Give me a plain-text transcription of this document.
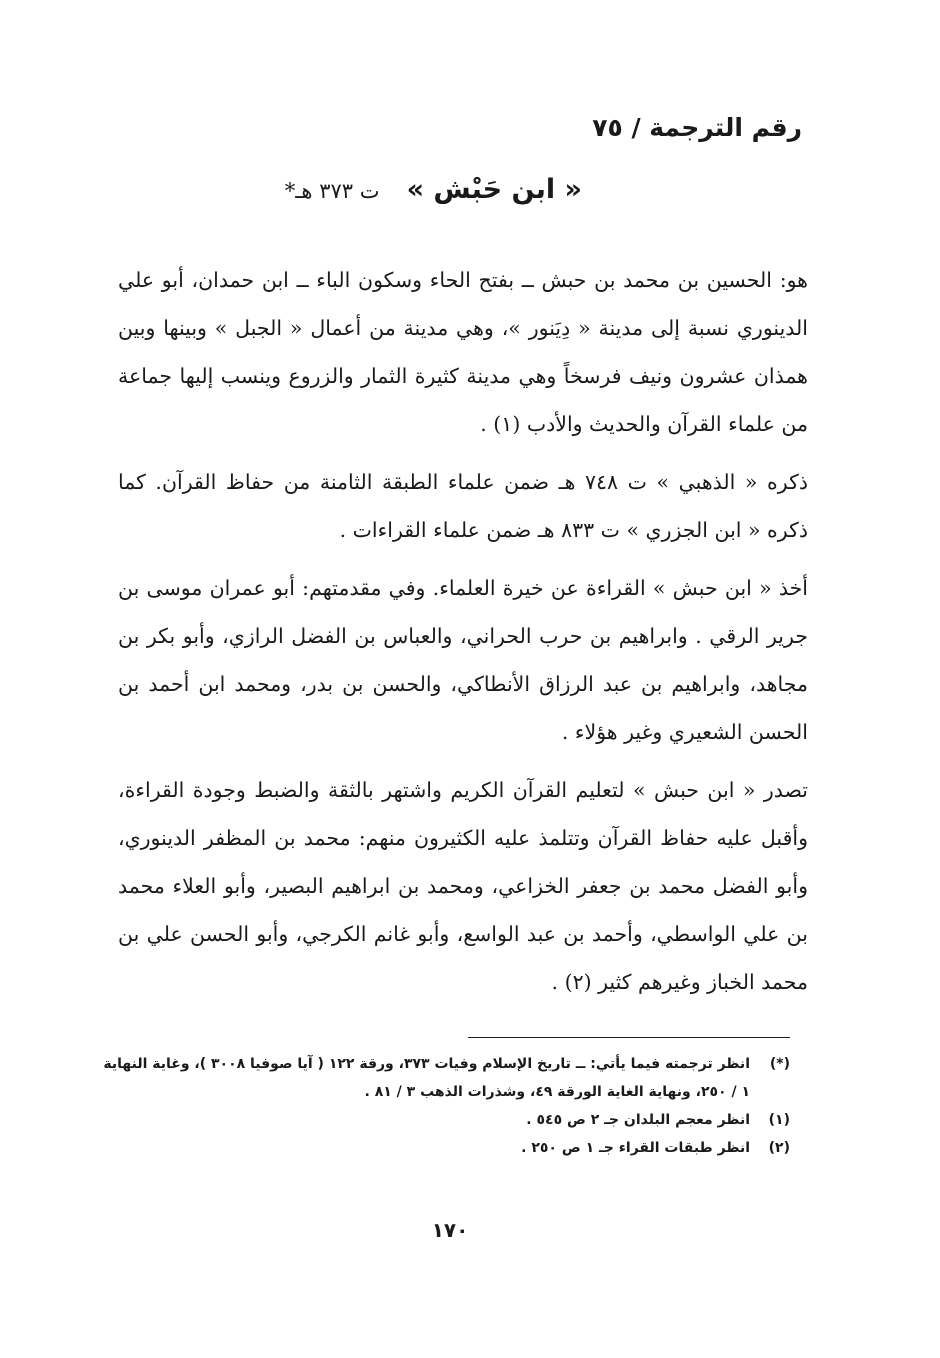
رقم الترجمة / ٧٥
« ابن حَبْش » ت ٣٧٣ هـ*

هو: الحسين بن محمد بن حبش ــ بفتح الحاء وسكون الباء ــ ابن حمدان، أبو علي الدينوري نسبة إلى مدينة « دِيَنور »، وهي مدينة من أعمال « الجبل » وبينها وبين همذان عشرون ونيف فرسخاً وهي مدينة كثيرة الثمار والزروع وينسب إليها جماعة من علماء القرآن والحديث والأدب (١) .

ذكره « الذهبي » ت ٧٤٨ هـ ضمن علماء الطبقة الثامنة من حفاظ القرآن. كما ذكره « ابن الجزري » ت ٨٣٣ هـ ضمن علماء القراءات .

أخذ « ابن حبش » القراءة عن خيرة العلماء. وفي مقدمتهم: أبو عمران موسى بن جرير الرقي . وابراهيم بن حرب الحراني، والعباس بن الفضل الرازي، وأبو بكر بن مجاهد، وابراهيم بن عبد الرزاق الأنطاكي، والحسن بن بدر، ومحمد ابن أحمد بن الحسن الشعيري وغير هؤلاء .

تصدر « ابن حبش » لتعليم القرآن الكريم واشتهر بالثقة والضبط وجودة القراءة، وأقبل عليه حفاظ القرآن وتتلمذ عليه الكثيرون منهم: محمد بن المظفر الدينوري، وأبو الفضل محمد بن جعفر الخزاعي، ومحمد بن ابراهيم البصير، وأبو العلاء محمد بن علي الواسطي، وأحمد بن عبد الواسع، وأبو غانم الكرجي، وأبو الحسن علي بن محمد الخباز وغيرهم كثير (٢) .

(*)
انظر ترجمته فيما يأتي: ــ تاريخ الإسلام وفيات ٣٧٣، ورقة ١٢٢ ( آيا صوفيا ٣٠٠٨ )، وغاية النهاية ١ / ٢٥٠، ونهاية الغاية الورقة ٤٩، وشذرات الذهب ٣ / ٨١ .
(١)
انظر معجم البلدان جـ ٢ ص ٥٤٥ .
(٢)
انظر طبقات القراء جـ ١ ص ٢٥٠ .
١٧٠
